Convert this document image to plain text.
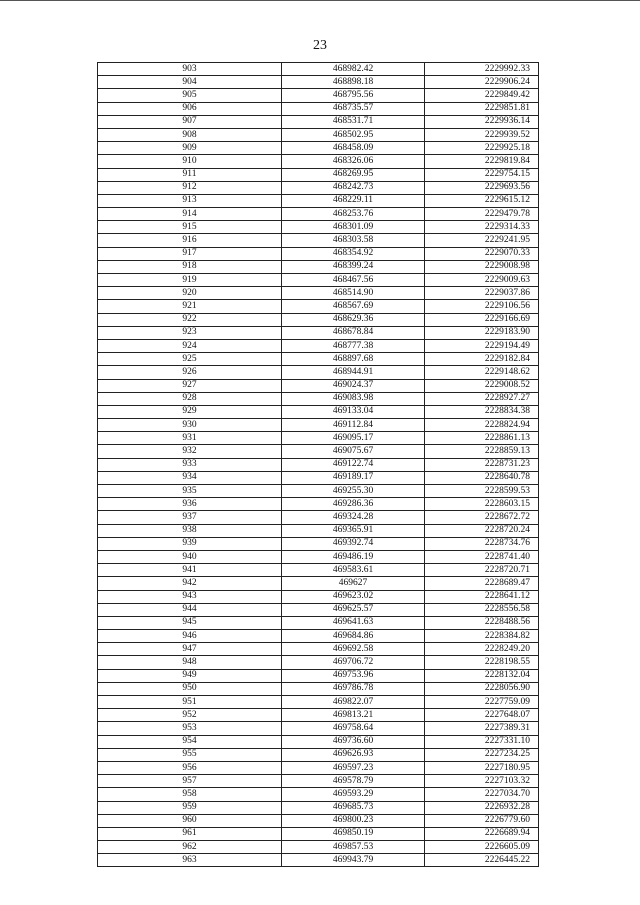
23
903	468982.42	2229992.33
904	468898.18	2229906.24
905	468795.56	2229849.42
906	468735.57	2229851.81
907	468531.71	2229936.14
908	468502.95	2229939.52
909	468458.09	2229925.18
910	468326.06	2229819.84
911	468269.95	2229754.15
912	468242.73	2229693.56
913	468229.11	2229615.12
914	468253.76	2229479.78
915	468301.09	2229314.33
916	468303.58	2229241.95
917	468354.92	2229070.33
918	468399.24	2229008.98
919	468467.56	2229009.63
920	468514.90	2229037.86
921	468567.69	2229106.56
922	468629.36	2229166.69
923	468678.84	2229183.90
924	468777.38	2229194.49
925	468897.68	2229182.84
926	468944.91	2229148.62
927	469024.37	2229008.52
928	469083.98	2228927.27
929	469133.04	2228834.38
930	469112.84	2228824.94
931	469095.17	2228861.13
932	469075.67	2228859.13
933	469122.74	2228731.23
934	469189.17	2228640.78
935	469255.30	2228599.53
936	469286.36	2228603.15
937	469324.28	2228672.72
938	469365.91	2228720.24
939	469392.74	2228734.76
940	469486.19	2228741.40
941	469583.61	2228720.71
942	469627	2228689.47
943	469623.02	2228641.12
944	469625.57	2228556.58
945	469641.63	2228488.56
946	469684.86	2228384.82
947	469692.58	2228249.20
948	469706.72	2228198.55
949	469753.96	2228132.04
950	469786.78	2228056.90
951	469822.07	2227759.09
952	469813.21	2227648.07
953	469758.64	2227389.31
954	469736.60	2227331.10
955	469626.93	2227234.25
956	469597.23	2227180.95
957	469578.79	2227103.32
958	469593.29	2227034.70
959	469685.73	2226932.28
960	469800.23	2226779.60
961	469850.19	2226689.94
962	469857.53	2226605.09
963	469943.79	2226445.22
